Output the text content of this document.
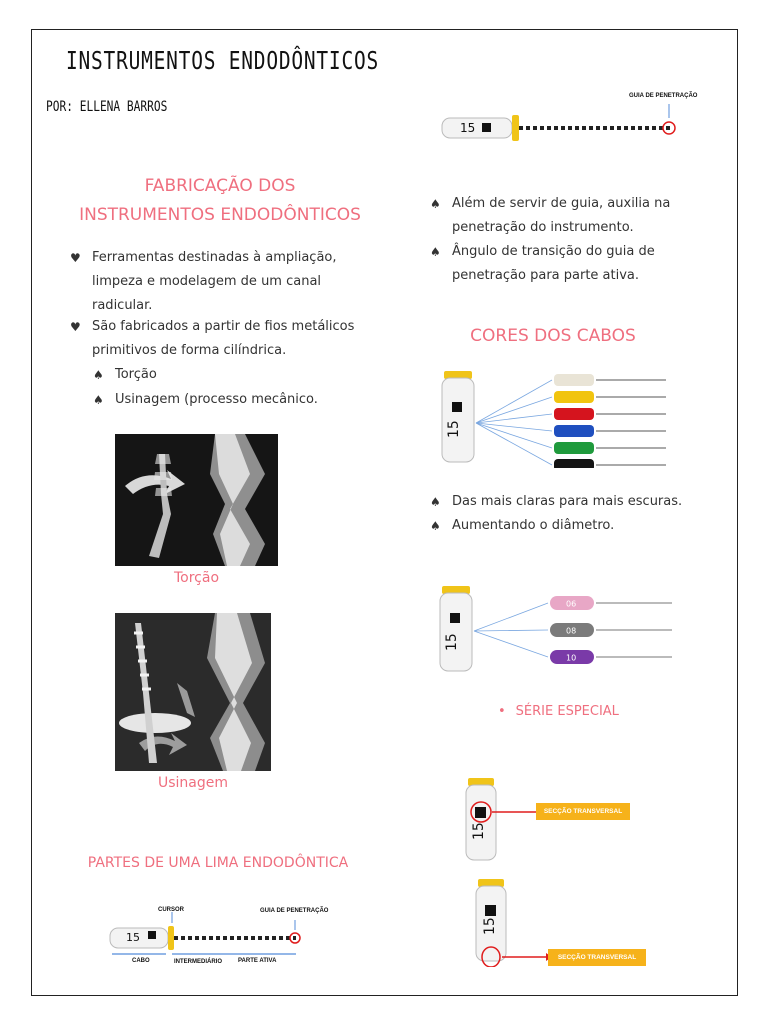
INSTRUMENTOS ENDODÔNTICOS
POR: ELLENA BARROS
FABRICAÇÃO DOS
INSTRUMENTOS ENDODÔNTICOS
♥ Ferramentas destinadas à ampliação, limpeza e modelagem de um canal radicular.
♥ São fabricados a partir de fios metálicos primitivos de forma cilíndrica.
♠ Torção
♠ Usinagem (processo mecânico.
Torção
Usinagem
PARTES DE UMA LIMA ENDODÔNTICA
CURSOR	GUIA DE PENETRAÇÃO
CABO	INTERMEDIÁRIO	PARTE ATIVA
15
GUIA DE PENETRAÇÃO
15
♠ Além de servir de guia, auxilia na penetração do instrumento.
♠ Ângulo de transição do guia de penetração para parte ativa.
CORES DOS CABOS
15
♠ Das mais claras para mais escuras.
♠ Aumentando o diâmetro.
06
08
10
15
• SÉRIE ESPECIAL
SECÇÃO TRANSVERSAL
15
SECÇÃO TRANSVERSAL
15
